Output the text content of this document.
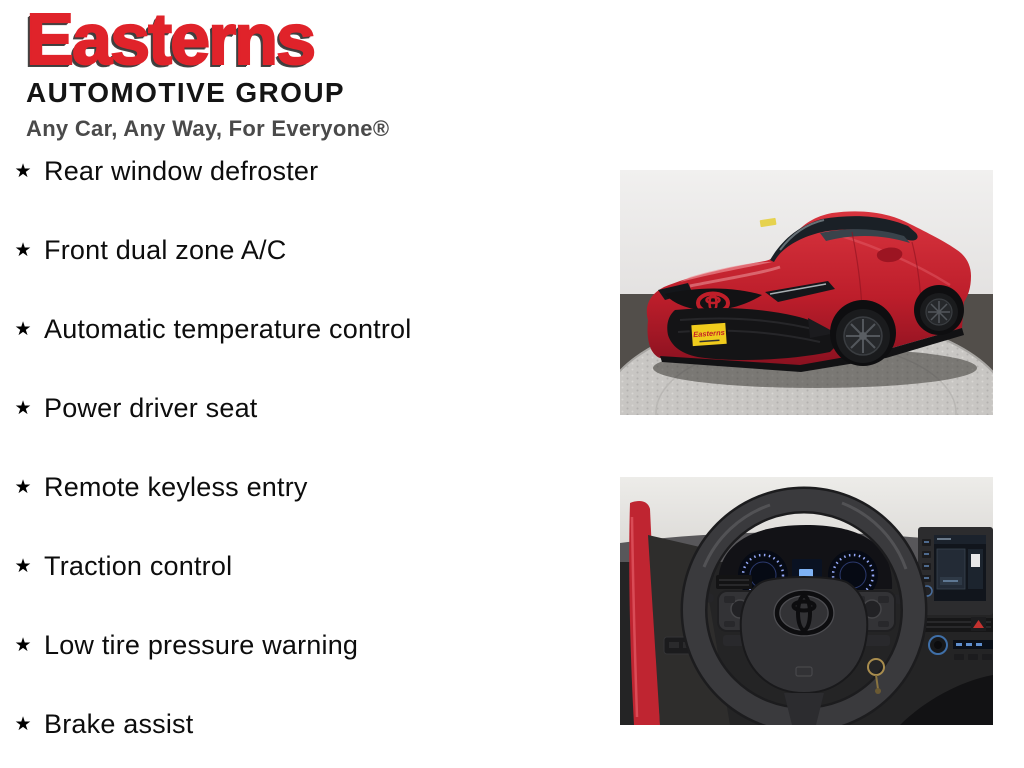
Easterns
AUTOMOTIVE GROUP
Any Car, Any Way, For Everyone®
★ Rear window defroster
★ Front dual zone A/C
★ Automatic temperature control
★ Power driver seat
★ Remote keyless entry
★ Traction control
★ Low tire pressure warning
★ Brake assist
Easterns
